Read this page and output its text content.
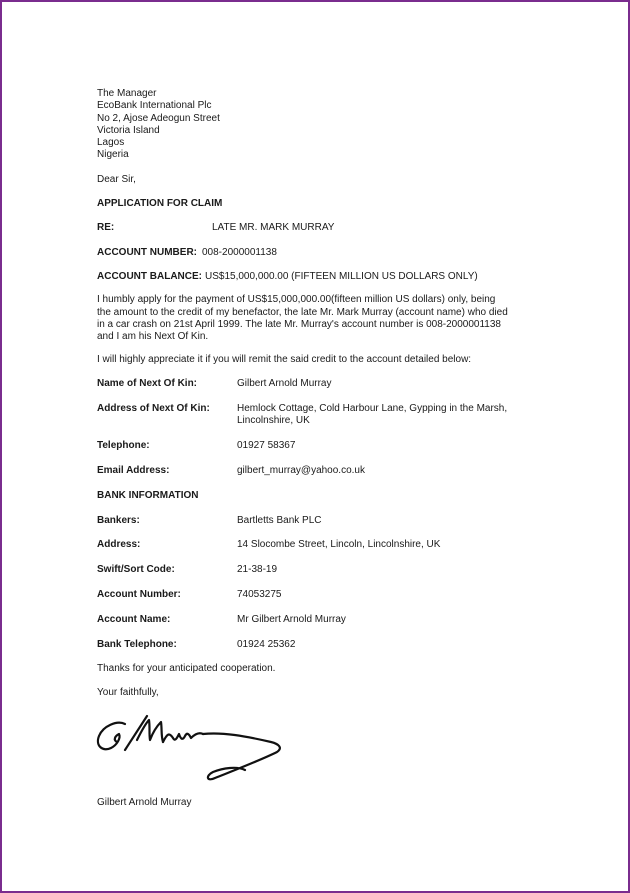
The Manager
EcoBank International Plc
No 2, Ajose Adeogun Street
Victoria Island
Lagos
Nigeria
Dear Sir,
APPLICATION FOR CLAIM
RE:	LATE MR. MARK MURRAY
ACCOUNT NUMBER: 008-2000001138
ACCOUNT BALANCE: US$15,000,000.00 (FIFTEEN MILLION US DOLLARS ONLY)
I humbly apply for the payment of US$15,000,000.00(fifteen million US dollars) only, being
the amount to the credit of my benefactor, the late Mr. Mark Murray (account name) who died
in a car crash on 21st April 1999. The late Mr. Murray's account number is 008-2000001138
and I am his Next Of Kin.
I will highly appreciate it if you will remit the said credit to the account detailed below:
Name of Next Of Kin:	Gilbert Arnold Murray
Address of Next Of Kin:	Hemlock Cottage, Cold Harbour Lane, Gypping in the Marsh,
Lincolnshire, UK
Telephone:	01927 58367
Email Address:	gilbert_murray@yahoo.co.uk
BANK INFORMATION
Bankers:	Bartletts Bank PLC
Address:	14 Slocombe Street, Lincoln, Lincolnshire, UK
Swift/Sort Code:	21-38-19
Account Number:	74053275
Account Name:	Mr Gilbert Arnold Murray
Bank Telephone:	01924 25362
Thanks for your anticipated cooperation.
Your faithfully,
Gilbert Arnold Murray
